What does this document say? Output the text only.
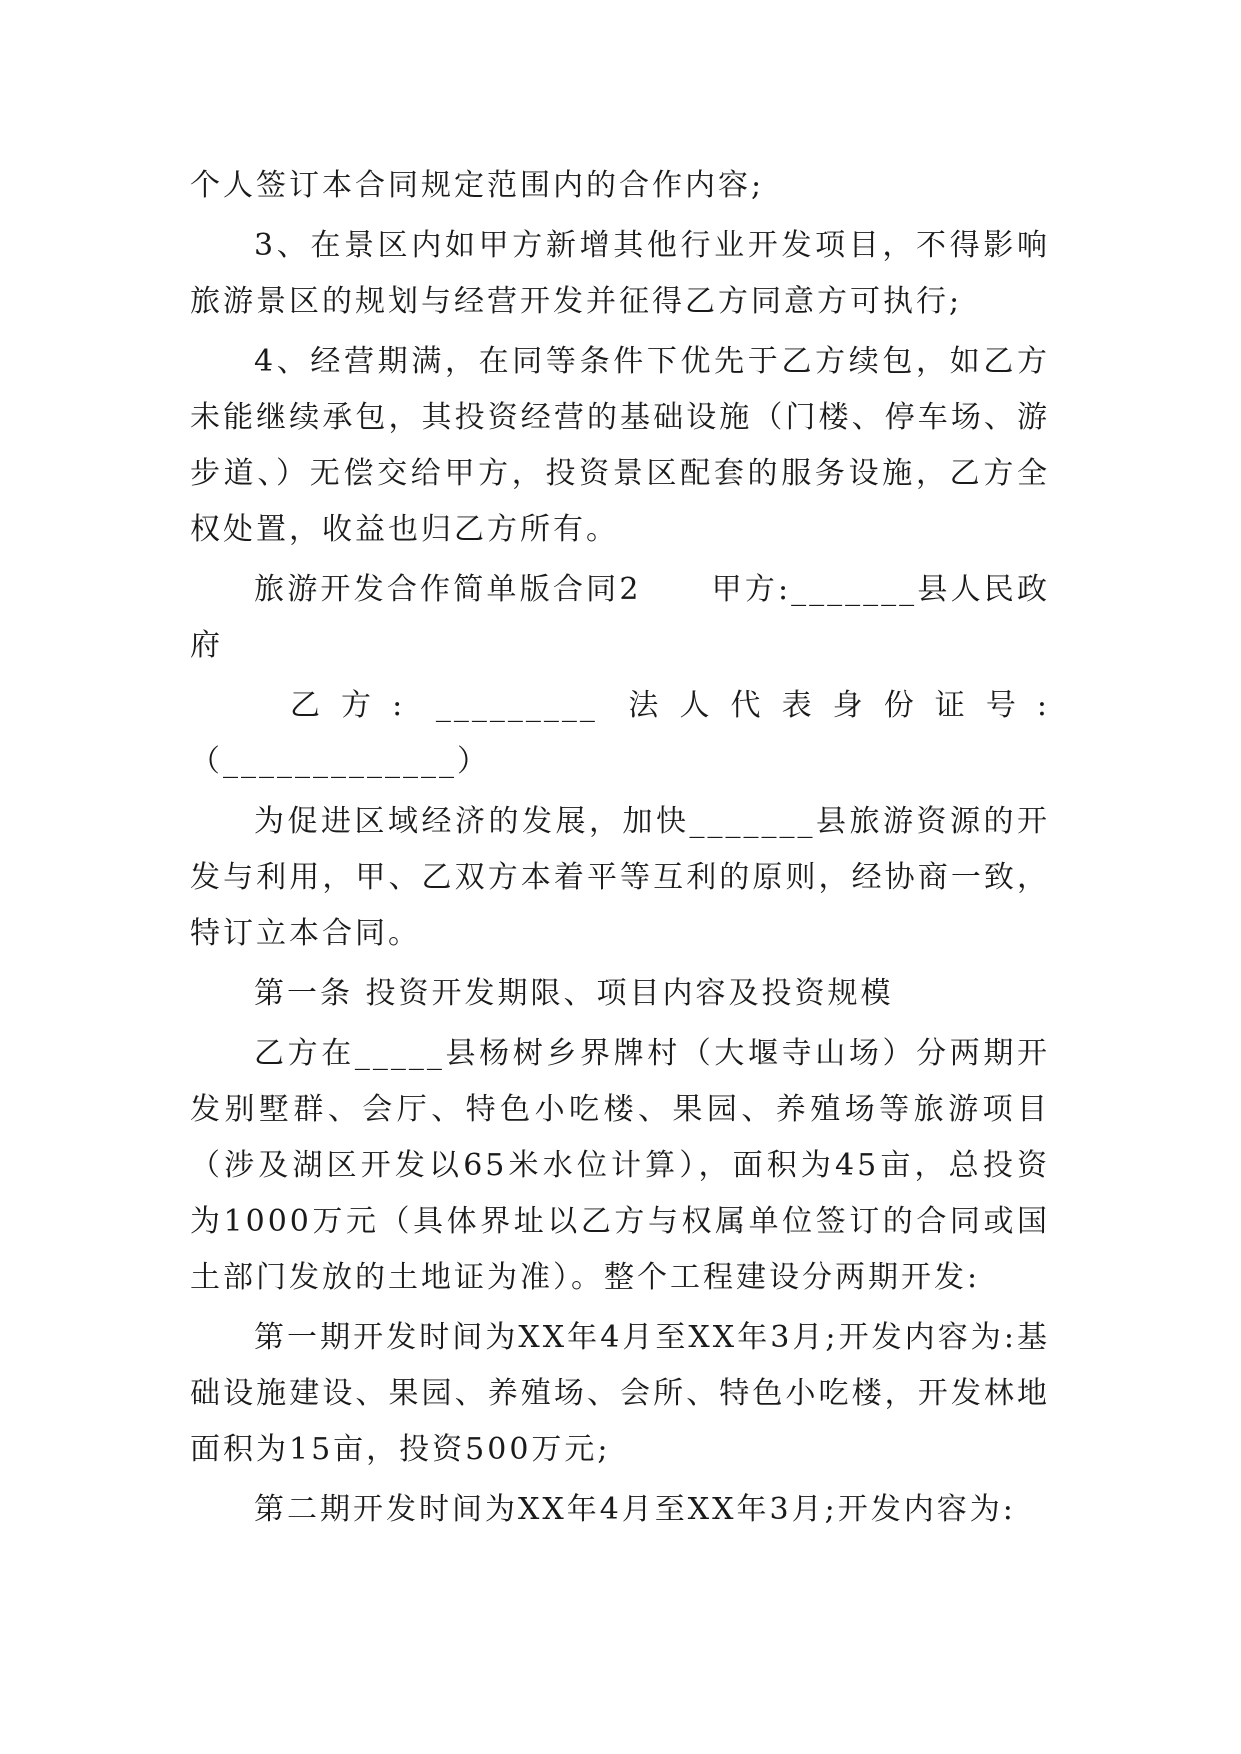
个人签订本合同规定范围内的合作内容;

3、在景区内如甲方新增其他行业开发项目，不得影响旅游景区的规划与经营开发并征得乙方同意方可执行;

4、经营期满，在同等条件下优先于乙方续包，如乙方未能继续承包，其投资经营的基础设施（门楼、停车场、游步道、）无偿交给甲方，投资景区配套的服务设施，乙方全权处置，收益也归乙方所有。

旅游开发合作简单版合同2 甲方:_______县人民政府

乙方: _________ 法人代表身份证号:

（_____________）

为促进区域经济的发展，加快_______县旅游资源的开发与利用，甲、乙双方本着平等互利的原则，经协商一致，特订立本合同。

第一条 投资开发期限、项目内容及投资规模

乙方在_____县杨树乡界牌村（大堰寺山场）分两期开发别墅群、会厅、特色小吃楼、果园、养殖场等旅游项目（涉及湖区开发以65米水位计算），面积为45亩，总投资为1000万元（具体界址以乙方与权属单位签订的合同或国土部门发放的土地证为准）。整个工程建设分两期开发:

第一期开发时间为XX年4月至XX年3月;开发内容为:基础设施建设、果园、养殖场、会所、特色小吃楼，开发林地面积为15亩，投资500万元;

第二期开发时间为XX年4月至XX年3月;开发内容为:
